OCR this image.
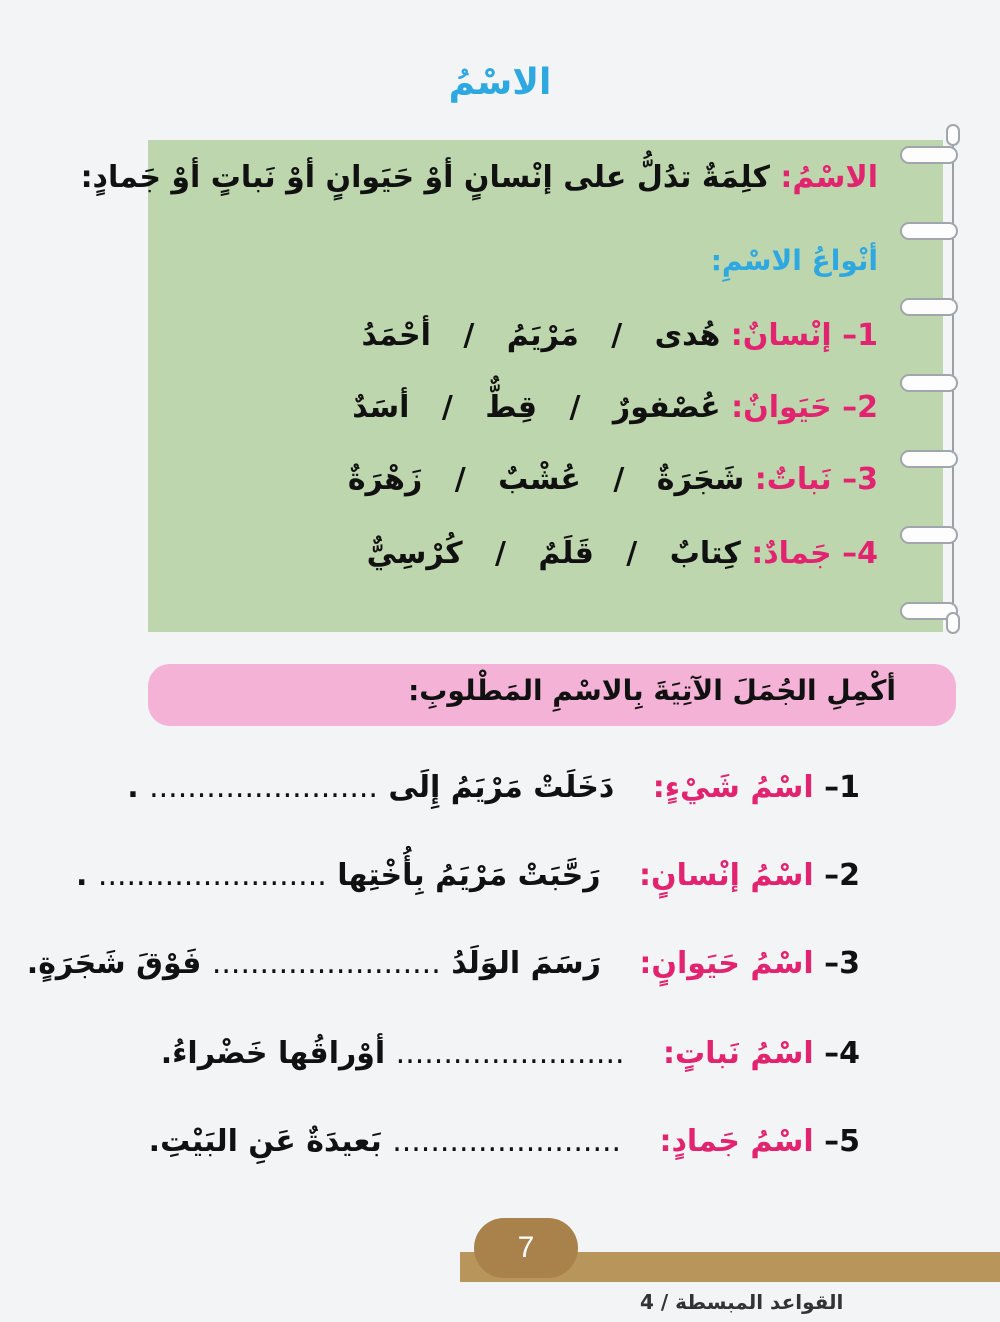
الاسْمُ
الاسْمُ: كلِمَةٌ تدُلُّ على إنْسانٍ أوْ حَيَوانٍ أوْ نَباتٍ أوْ جَمادٍ:
أنْواعُ الاسْمِ:
1– إنْسانٌ: هُدى / مَرْيَمُ / أحْمَدُ
2– حَيَوانٌ: عُصْفورٌ / قِطٌّ / أسَدٌ
3– نَباتٌ: شَجَرَةٌ / عُشْبٌ / زَهْرَةٌ
4– جَمادٌ: كِتابٌ / قَلَمٌ / كُرْسِيٌّ
أكْمِلِ الجُمَلَ الآتِيَةَ بِالاسْمِ المَطْلوبِ:
1– اسْمُ شَيْءٍ: دَخَلَتْ مَرْيَمُ إِلَى ........................ .
2– اسْمُ إنْسانٍ: رَحَّبَتْ مَرْيَمُ بِأُخْتِها ........................ .
3– اسْمُ حَيَوانٍ: رَسَمَ الوَلَدُ ........................ فَوْقَ شَجَرَةٍ.
4– اسْمُ نَباتٍ: ........................ أوْراقُها خَضْراءُ.
5– اسْمُ جَمادٍ: ........................ بَعيدَةٌ عَنِ البَيْتِ.
7
القواعد المبسطة / 4
